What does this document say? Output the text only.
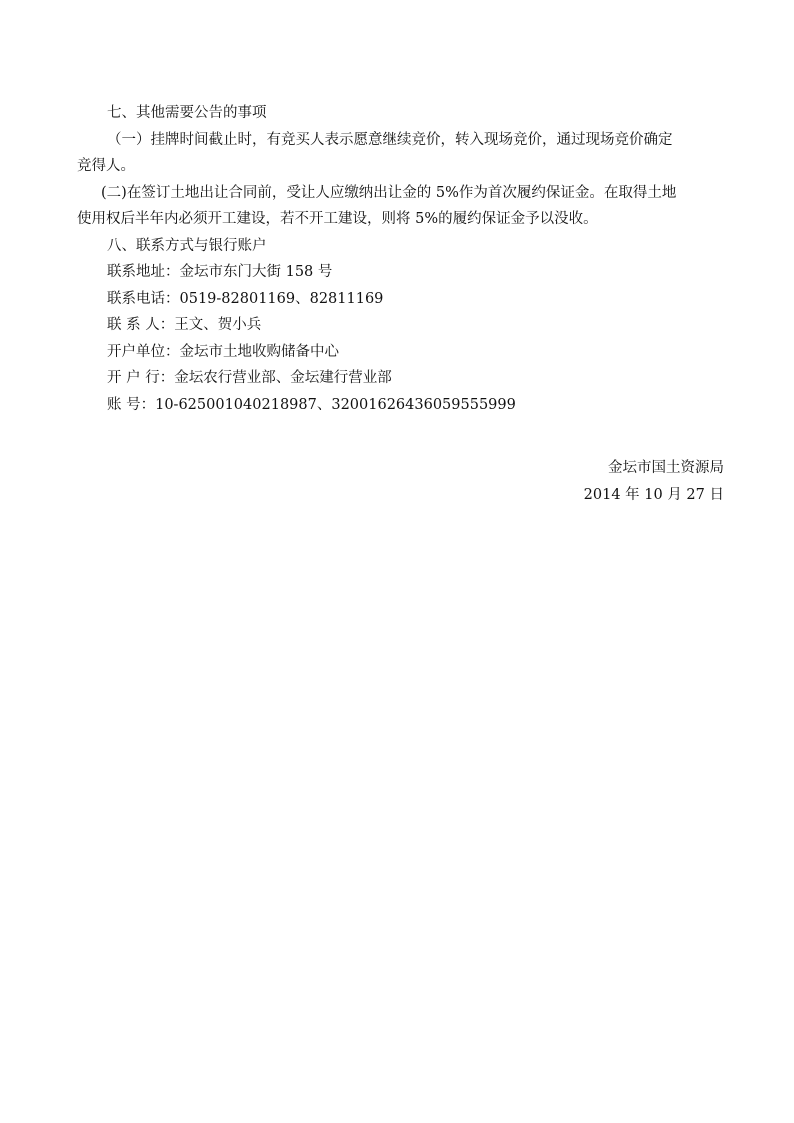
七、其他需要公告的事项
（一）挂牌时间截止时，有竞买人表示愿意继续竞价，转入现场竞价，通过现场竞价确定
竞得人。
(二)在签订土地出让合同前，受让人应缴纳出让金的 5%作为首次履约保证金。在取得土地
使用权后半年内必须开工建设，若不开工建设，则将 5%的履约保证金予以没收。
八、联系方式与银行账户
联系地址：金坛市东门大街 158 号
联系电话：0519-82801169、82811169
联 系 人：王文、贺小兵
开户单位：金坛市土地收购储备中心
开 户 行：金坛农行营业部、金坛建行营业部
账 号：10-625001040218987、32001626436059555999
金坛市国土资源局
2014 年 10 月 27 日
